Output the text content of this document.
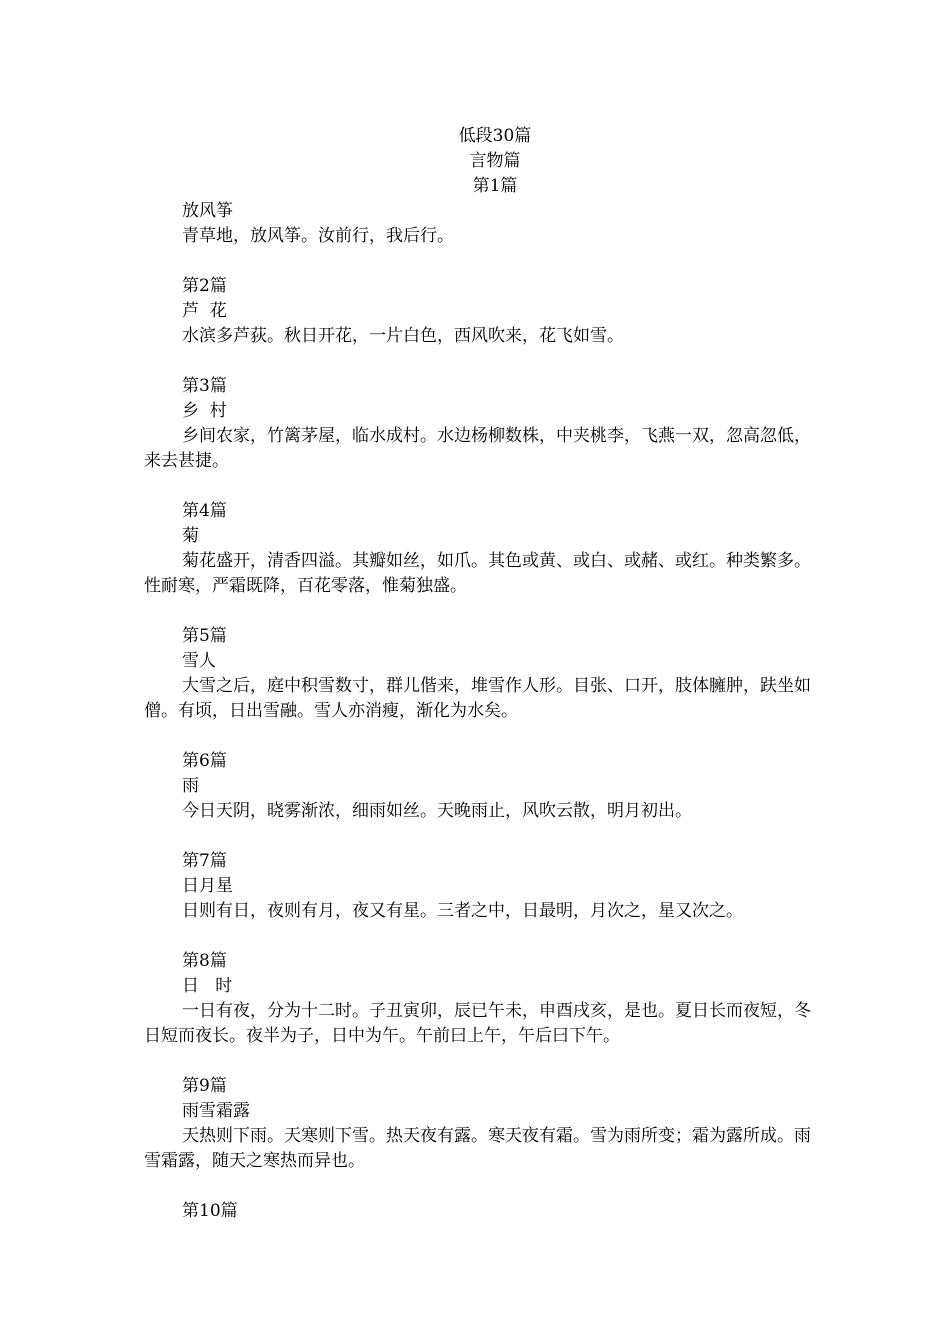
低段30篇
言物篇
第1篇
放风筝
青草地，放风筝。汝前行，我后行。
第2篇
芦  花
水滨多芦荻。秋日开花，一片白色，西风吹来，花飞如雪。
第3篇
乡  村
乡间农家，竹篱茅屋，临水成村。水边杨柳数株，中夹桃李，飞燕一双，忽高忽低，来去甚捷。
第4篇
菊
菊花盛开，清香四溢。其瓣如丝，如爪。其色或黄、或白、或赭、或红。种类繁多。性耐寒，严霜既降，百花零落，惟菊独盛。
第5篇
雪人
大雪之后，庭中积雪数寸，群儿偕来，堆雪作人形。目张、口开，肢体臃肿，趺坐如僧。有顷，日出雪融。雪人亦消瘦，渐化为水矣。
第6篇
雨
今日天阴，晓雾渐浓，细雨如丝。天晚雨止，风吹云散，明月初出。
第7篇
日月星
日则有日，夜则有月，夜又有星。三者之中，日最明，月次之，星又次之。
第8篇
日   时
一日有夜，分为十二时。子丑寅卯，辰已午未，申酉戌亥，是也。夏日长而夜短，冬日短而夜长。夜半为子，日中为午。午前曰上午，午后曰下午。
第9篇
雨雪霜露
天热则下雨。天寒则下雪。热天夜有露。寒天夜有霜。雪为雨所变；霜为露所成。雨雪霜露，随天之寒热而异也。
第10篇
